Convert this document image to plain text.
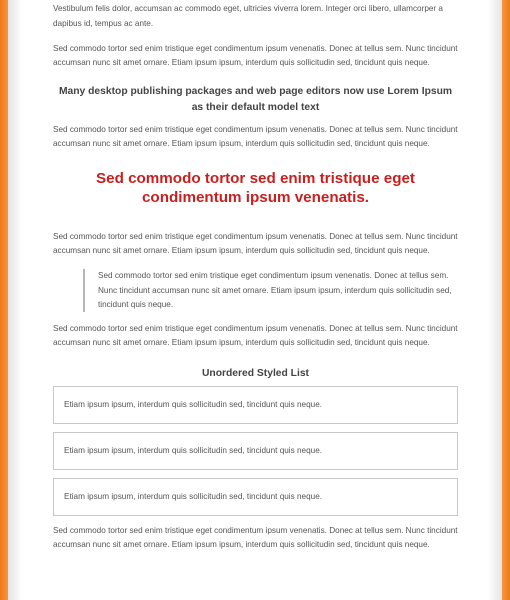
Vestibulum felis dolor, accumsan ac commodo eget, ultricies viverra lorem. Integer orci libero, ullamcorper a dapibus id, tempus ac ante.

Sed commodo tortor sed enim tristique eget condimentum ipsum venenatis. Donec at tellus sem. Nunc tincidunt accumsan nunc sit amet ornare. Etiam ipsum ipsum, interdum quis sollicitudin sed, tincidunt quis neque.

Many desktop publishing packages and web page editors now use Lorem Ipsum as their default model text

Sed commodo tortor sed enim tristique eget condimentum ipsum venenatis. Donec at tellus sem. Nunc tincidunt accumsan nunc sit amet ornare. Etiam ipsum ipsum, interdum quis sollicitudin sed, tincidunt quis neque.

Sed commodo tortor sed enim tristique eget condimentum ipsum venenatis.

Sed commodo tortor sed enim tristique eget condimentum ipsum venenatis. Donec at tellus sem. Nunc tincidunt accumsan nunc sit amet ornare. Etiam ipsum ipsum, interdum quis sollicitudin sed, tincidunt quis neque.

Sed commodo tortor sed enim tristique eget condimentum ipsum venenatis. Donec at tellus sem. Nunc tincidunt accumsan nunc sit amet ornare. Etiam ipsum ipsum, interdum quis sollicitudin sed, tincidunt quis neque.

Sed commodo tortor sed enim tristique eget condimentum ipsum venenatis. Donec at tellus sem. Nunc tincidunt accumsan nunc sit amet ornare. Etiam ipsum ipsum, interdum quis sollicitudin sed, tincidunt quis neque.

Unordered Styled List

Etiam ipsum ipsum, interdum quis sollicitudin sed, tincidunt quis neque.
Etiam ipsum ipsum, interdum quis sollicitudin sed, tincidunt quis neque.
Etiam ipsum ipsum, interdum quis sollicitudin sed, tincidunt quis neque.

Sed commodo tortor sed enim tristique eget condimentum ipsum venenatis. Donec at tellus sem. Nunc tincidunt accumsan nunc sit amet ornare. Etiam ipsum ipsum, interdum quis sollicitudin sed, tincidunt quis neque.
